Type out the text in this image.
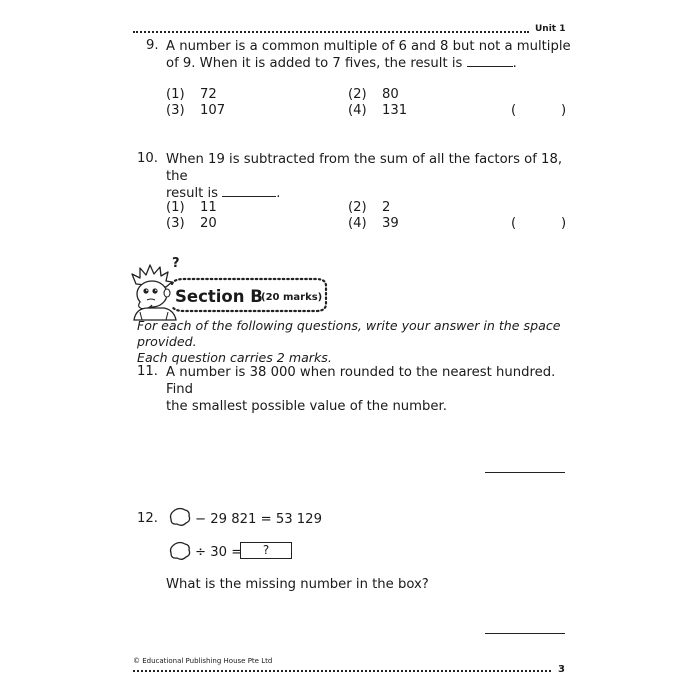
Unit 1
9. A number is a common multiple of 6 and 8 but not a multiple
of 9. When it is added to 7 fives, the result is	.
(1) 72	(2) 80
(3) 107	(4) 131	(	)
10. When 19 is subtracted from the sum of all the factors of 18, the
result is	.
(1) 11	(2) 2
(3) 20	(4) 39	(	)
?
Section B
(20 marks)
For each of the following questions, write your answer in the space provided.
Each question carries 2 marks.
11. A number is 38 000 when rounded to the nearest hundred. Find
the smallest possible value of the number.
12.	− 29 821 = 53 129
÷ 30 =	?
What is the missing number in the box?
© Educational Publishing House Pte Ltd
3
